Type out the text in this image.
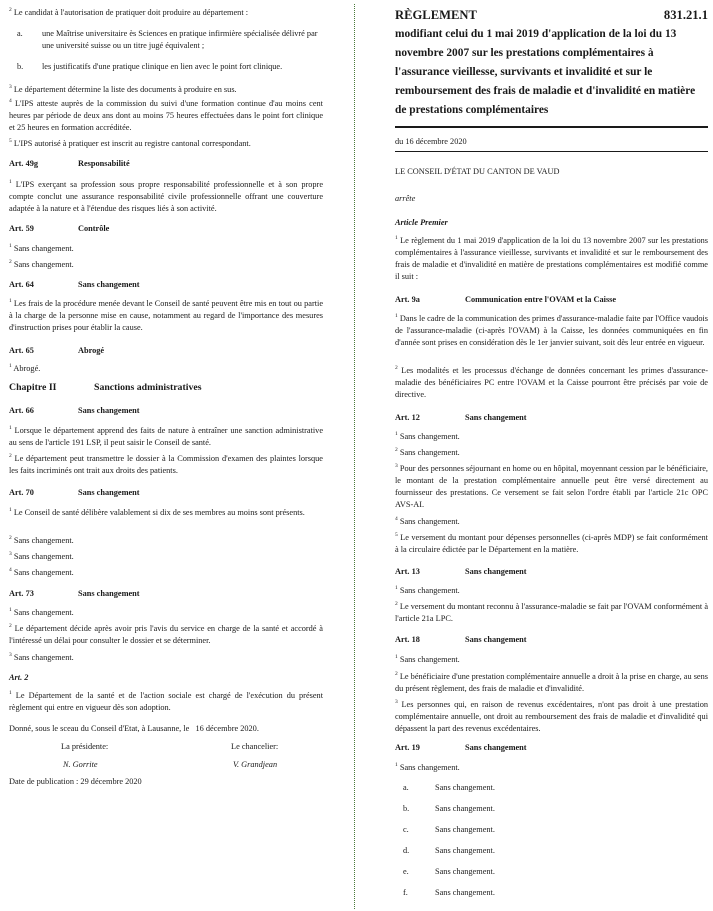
$^2$ Le candidat à l'autorisation de pratiquer doit produire au département :

a.	une Maîtrise universitaire ès Sciences en pratique infirmière spécialisée délivré par une université suisse ou un titre jugé équivalent ;
b.	les justificatifs d'une pratique clinique en lien avec le point fort clinique.

$^3$ Le département détermine la liste des documents à produire en sus.

$^4$ L'IPS atteste auprès de la commission du suivi d'une formation continue d'au moins cent heures par période de deux ans dont au moins 75 heures effectuées dans le point fort clinique et 25 heures en formation accréditée.

$^5$ L'IPS autorisé à pratiquer est inscrit au registre cantonal correspondant.

Art. 49g	Responsabilité

$^1$ L'IPS exerçant sa profession sous propre responsabilité professionnelle et à son propre compte conclut une assurance responsabilité civile professionnelle offrant une couverture adaptée à la nature et à l'étendue des risques liés à son activité.

Art. 59	Contrôle

$^1$ Sans changement.

$^2$ Sans changement.

Art. 64	Sans changement

$^1$ Les frais de la procédure menée devant le Conseil de santé peuvent être mis en tout ou partie à la charge de la personne mise en cause, notamment au regard de l'importance des mesures d'instruction prises pour établir la cause.

Art. 65	Abrogé

$^1$ Abrogé.

Chapitre II	Sanctions administratives
Art. 66	Sans changement

$^1$ Lorsque le département apprend des faits de nature à entraîner une sanction administrative au sens de l'article 191 LSP, il peut saisir le Conseil de santé.

$^2$ Le département peut transmettre le dossier à la Commission d'examen des plaintes lorsque les faits incriminés ont trait aux droits des patients.

Art. 70	Sans changement

$^1$ Le Conseil de santé délibère valablement si dix de ses membres au moins sont présents.

$^2$ Sans changement.

$^3$ Sans changement.

$^4$ Sans changement.

Art. 73	Sans changement

$^1$ Sans changement.

$^2$ Le département décide après avoir pris l'avis du service en charge de la santé et accordé à l'intéressé un délai pour consulter le dossier et se déterminer.

$^3$ Sans changement.

Art. 2

$^1$ Le Département de la santé et de l'action sociale est chargé de l'exécution du présent règlement qui entre en vigueur dès son adoption.

Donné, sous le sceau du Conseil d'Etat, à Lausanne, le 16 décembre 2020.

La présidente:	Le chancelier:
N. Gorrite	V. Grandjean
Date de publication : 29 décembre 2020
RÈGLEMENT	831.21.1
modifiant celui du 1 mai 2019 d'application de la loi du 13 novembre 2007 sur les prestations complémentaires à l'assurance vieillesse, survivants et invalidité et sur le remboursement des frais de maladie et d'invalidité en matière de prestations complémentaires
du 16 décembre 2020
LE CONSEIL D'ÉTAT DU CANTON DE VAUD
arrête
Article Premier

$^1$ Le règlement du 1 mai 2019 d'application de la loi du 13 novembre 2007 sur les prestations complémentaires à l'assurance vieillesse, survivants et invalidité et sur le remboursement des frais de maladie et d'invalidité en matière de prestations complémentaires est modifié comme il suit :

Art. 9a	Communication entre l'OVAM et la Caisse

$^1$ Dans le cadre de la communication des primes d'assurance-maladie faite par l'Office vaudois de l'assurance-maladie (ci-après l'OVAM) à la Caisse, les données communiquées en fin d'année sont prises en considération dès le 1er janvier suivant, soit dès leur entrée en vigueur.

$^2$ Les modalités et les processus d'échange de données concernant les primes d'assurance-maladie des bénéficiaires PC entre l'OVAM et la Caisse pourront être précisés par voie de directive.

Art. 12	Sans changement

$^1$ Sans changement.

$^2$ Sans changement.

$^3$ Pour des personnes séjournant en home ou en hôpital, moyennant cession par le bénéficiaire, le montant de la prestation complémentaire annuelle peut être versé directement au fournisseur des prestations. Ce versement se fait selon l'ordre établi par l'article 21c OPC AVS-AI.

$^4$ Sans changement.

$^5$ Le versement du montant pour dépenses personnelles (ci-après MDP) se fait conformément à la circulaire édictée par le Département en la matière.

Art. 13	Sans changement

$^1$ Sans changement.

$^2$ Le versement du montant reconnu à l'assurance-maladie se fait par l'OVAM conformément à l'article 21a LPC.

Art. 18	Sans changement

$^1$ Sans changement.

$^2$ Le bénéficiaire d'une prestation complémentaire annuelle a droit à la prise en charge, au sens du présent règlement, des frais de maladie et d'invalidité.

$^3$ Les personnes qui, en raison de revenus excédentaires, n'ont pas droit à une prestation complémentaire annuelle, ont droit au remboursement des frais de maladie et d'invalidité qui dépassent la part des revenus excédentaires.

Art. 19	Sans changement

$^1$ Sans changement.

a.	Sans changement.
b.	Sans changement.
c.	Sans changement.
d.	Sans changement.
e.	Sans changement.
f.	Sans changement.
